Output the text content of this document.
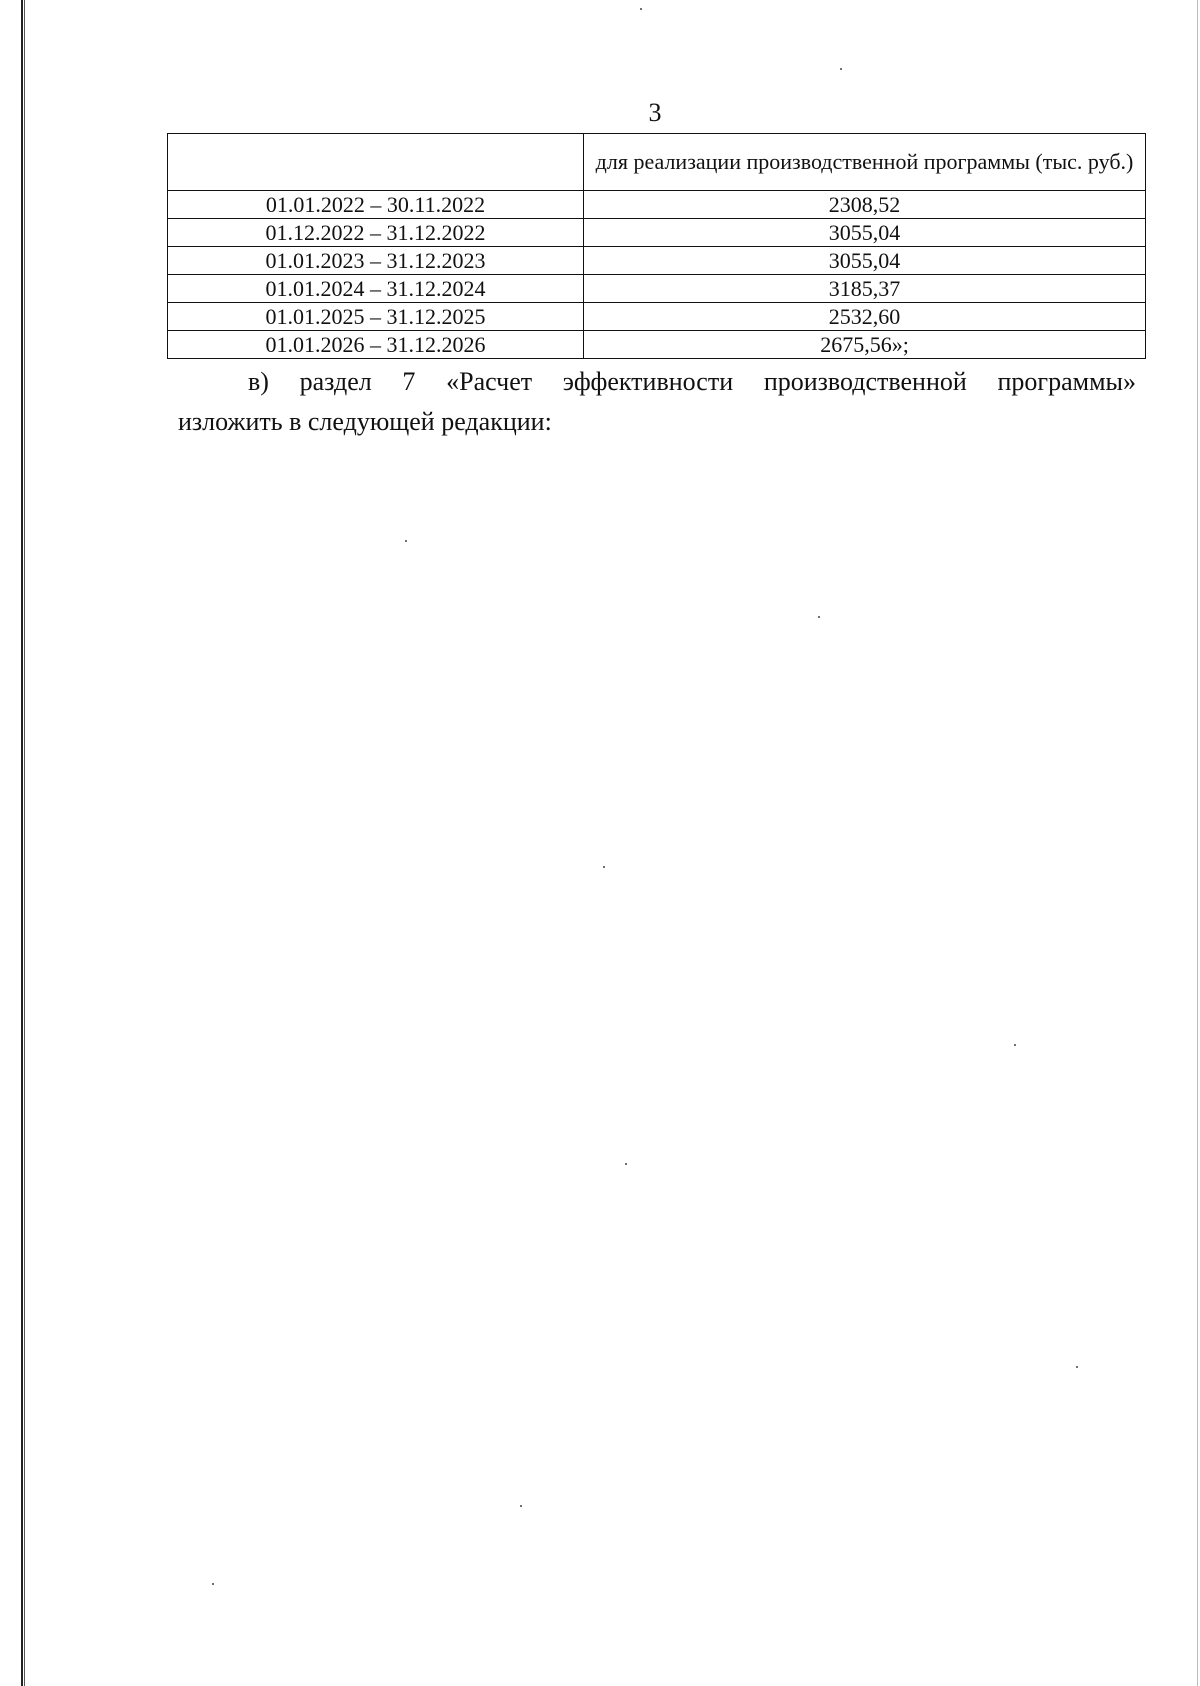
3
	для реализации производственной программы (тыс. руб.)
01.01.2022 – 30.11.2022	2308,52
01.12.2022 – 31.12.2022	3055,04
01.01.2023 – 31.12.2023	3055,04
01.01.2024 – 31.12.2024	3185,37
01.01.2025 – 31.12.2025	2532,60
01.01.2026 – 31.12.2026	2675,56»;
в) раздел 7 «Расчет эффективности производственной программы»
изложить в следующей редакции:
